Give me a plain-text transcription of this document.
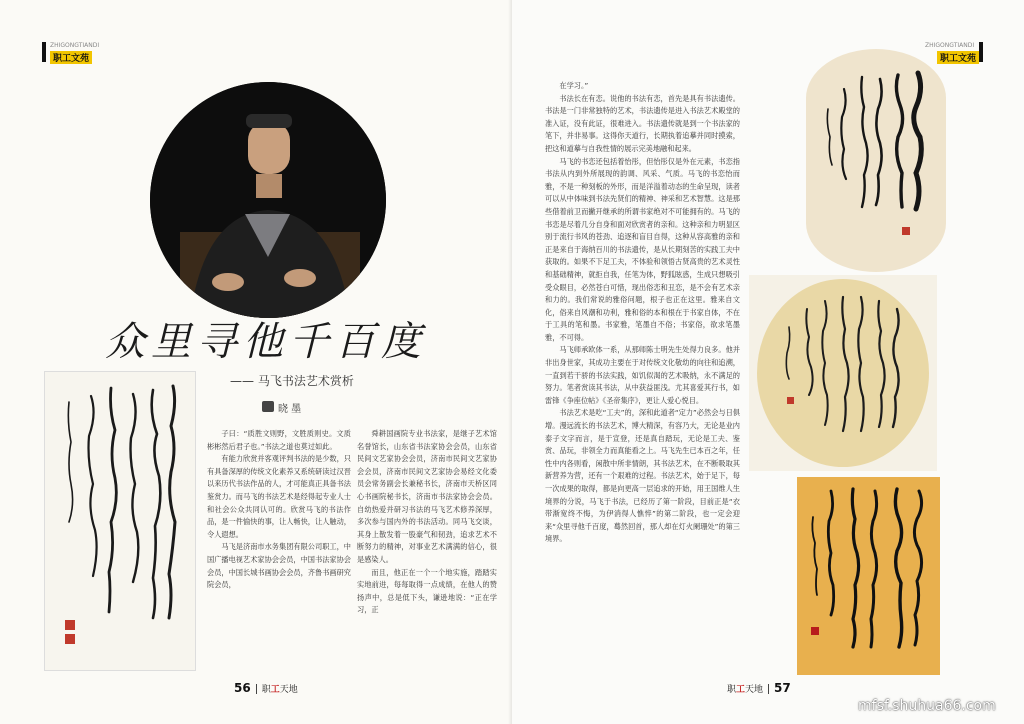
ZHIGONGTIANDI
职工文苑
众里寻他千百度
—— 马飞书法艺术赏析
晓 墨

子曰：“质胜文则野，文胜质则史。文质彬彬然后君子也。”书法之道也莫过如此。

有能力欣赏并客观评判书法的是少数，只有具备深厚的传统文化素养又系统研读过汉晋以来历代书法作品的人，才可能真正具备书法鉴赏力。而马飞的书法艺术是经得起专业人士和社会公众共同认可的。欣赏马飞的书法作品，是一件愉快的事，让人畅快，让人触动，令人遐想。

马飞是济南市水务集团有限公司职工，中国广播电视艺术家协会会员，中国书法家协会会员，中国长城书画协会会员，齐鲁书画研究院会员，

舜耕国画院专业书法家，是继子艺术馆名誉馆长，山东省书法家协会会员，山东省民间文艺家协会会员，济南市民间文艺家协会会员，济南市民间文艺家协会易经文化委员会常务副会长兼秘书长，济南市天桥区同心书画院秘书长，济南市书法家协会会员。自幼热爱并研习书法的马飞艺术修养深厚，多次参与国内外的书法活动。同马飞交谈，其身上散发着一股豪气和韧劲，追求艺术不断努力的精神，对事业艺术满满的信心，很是感染人。

而且，他正在一个一个地实施，踏踏实实地前进，每每取得一点成绩，在他人的赞扬声中，总是低下头，谦逊地说：“正在学习，正

56 职工天地

在学习。”

书法长在有恋。说他的书法有恋，首先是具有书法遗传。书法是一门非常独特的艺术，书法遗传是进入书法艺术殿堂的准入证，没有此证，很难进入。书法遗传就是到一个书法家的笔下，并非易事。这得你天道行，长期执着追摹并同时摸索，把这和道摹与自我性情的展示完美地融和起来。

马飞的书恋还包括着怡彤，但怡彤仅是外在元素，书恋指书法从内到外所展现的韵调、风采、气质。马飞的书恋怡而雅，不是一种刻板的外形，而是洋溢着动态的生命呈现，读者可以从中体味到书法先贤们的精神、神采和艺术智慧。这是那些借着前卫而撇开继承的所谓书家绝对不可能拥有的。马飞的书恋是尽着几分自身和面对欣赏者的亲和。这种亲和力明显区别于流行书风的苍劲、追逐和盲目自得，这种从容高雅的亲和正是来自于海纳百川的书法遗传，是从长期刻苦的实践工夫中获取的。如果不下足工夫，不体验和领悟古贤高贵的艺术灵性和基础精神，就拒自我，任笔为体，野狐眩惑，生成只想吸引受众眼目，必然苍白可惜，现出俗恋和丑恋，是不会有艺术亲和力的。我们常说的雅俗问题，根子也正在这里。雅来自文化，俗来自风潮和功利，雅和俗的本和根在于书家自体，不在于工具的笔和墨。书家雅，笔墨自不俗；书家俗，欲求笔墨雅，不可得。

马飞师承欧体一系，从那师陈士明先生处得力良多。他并非出身世家，其成功主要在于对传统文化敬幼的向往和追溯，一直到若干骄的书法实践，如饥似渴的艺术吸纳，永不满足的努力。笔者赏读其书法，从中获益匪浅。尤其喜爱其行书，如雷锋《争座位帖》《圣帝集序》，更让人爱心悦目。

书法艺术是吃“工夫”的，深和此道者“定力”必然会与日俱增。漫远流长的书法艺术，博大精深，有容乃大，无论是业内泰子文字而言，是于宣登，还是真自踏玩，无论是工夫、鉴赏、品玩，非领全力而真能看之上。马飞先生已本百之年，任性中内各则看，闲散中所非情朗，其书法艺术，在不断吸取其新营养为营，还有一个艰难的过程。书法艺术，始于足下，每一次成果的取得，都是向更高一层追求的开始，用王国维人生境界的分说，马飞于书法，已经历了第一阶段，目前正是“衣带渐宽终不悔，为伊消得人憔悴”的第二阶段，也一定会迎来“众里寻他千百度，蓦然回首，那人却在灯火阑珊处”的第三境界。

职工天地 57
ZHIGONGTIANDI
职工文苑
mfsf.shuhua66.com
